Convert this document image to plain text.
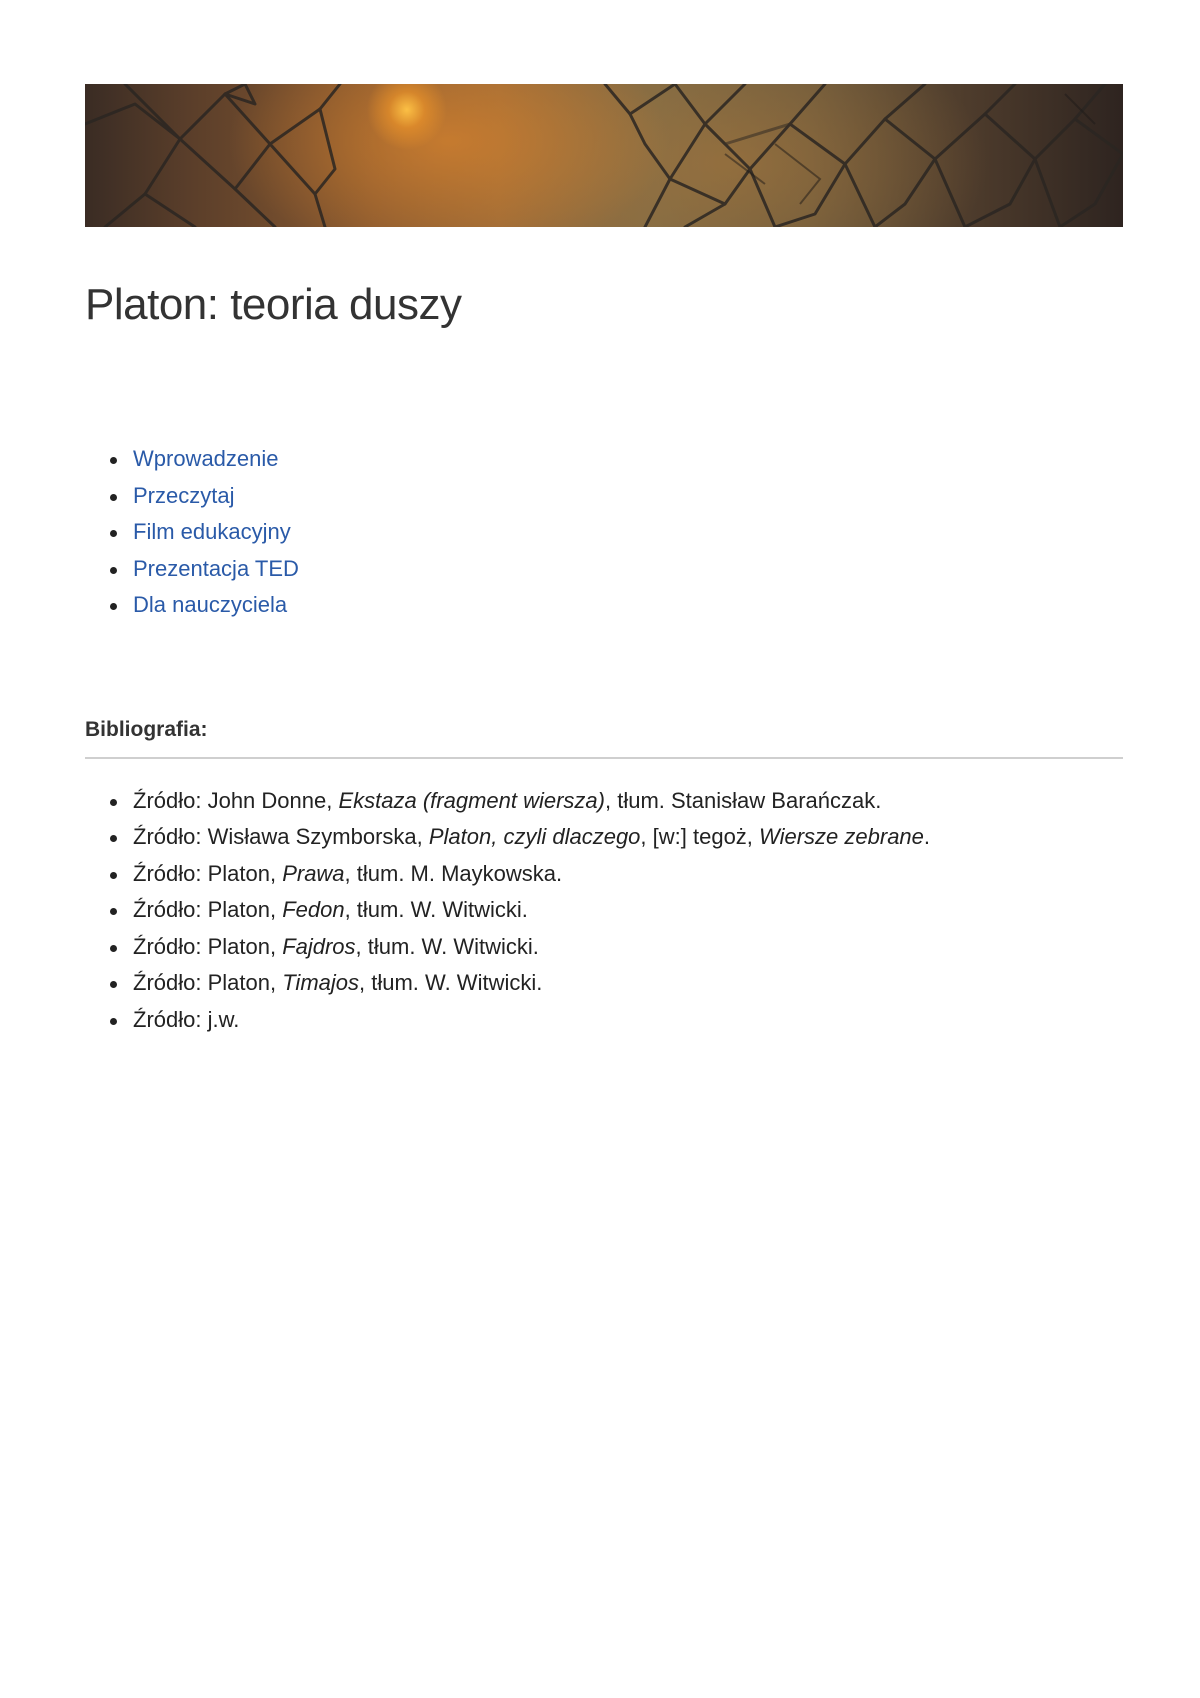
Platon: teoria duszy
Wprowadzenie
Przeczytaj
Film edukacyjny
Prezentacja TED
Dla nauczyciela
Bibliografia:
Źródło: John Donne, Ekstaza (fragment wiersza), tłum. Stanisław Barańczak.
Źródło: Wisława Szymborska, Platon, czyli dlaczego, [w:] tegoż, Wiersze zebrane.
Źródło: Platon, Prawa, tłum. M. Maykowska.
Źródło: Platon, Fedon, tłum. W. Witwicki.
Źródło: Platon, Fajdros, tłum. W. Witwicki.
Źródło: Platon, Timajos, tłum. W. Witwicki.
Źródło: j.w.
